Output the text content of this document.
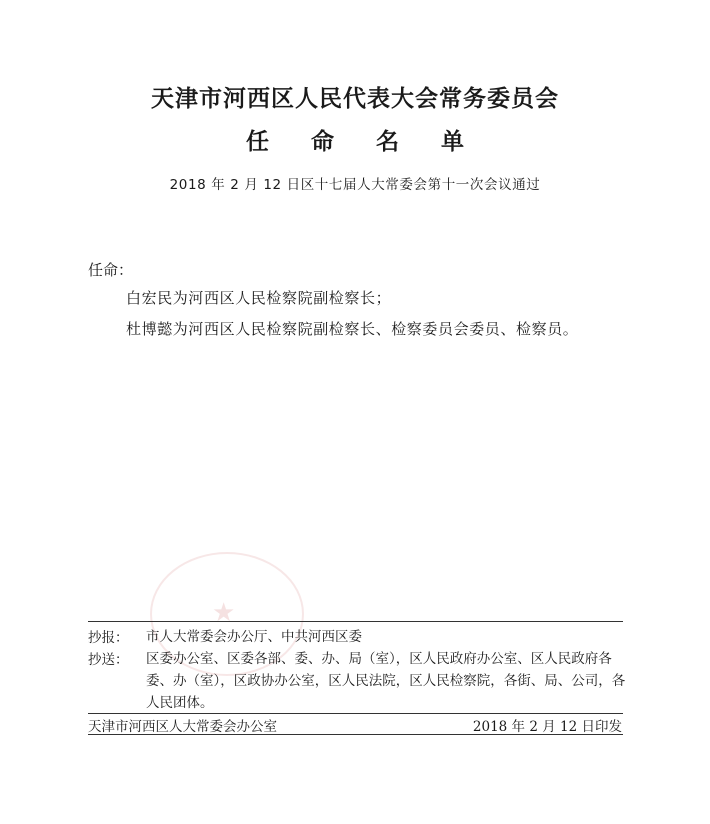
天津市河西区人民代表大会常务委员会
任命名单
2018 年 2 月 12 日区十七届人大常委会第十一次会议通过
任命：
白宏民为河西区人民检察院副检察长；
杜博懿为河西区人民检察院副检察长、检察委员会委员、检察员。
★
抄报：	市人大常委会办公厅、中共河西区委
抄送：	区委办公室、区委各部、委、办、局（室），区人民政府办公室、区人民政府各委、办（室），区政协办公室，区人民法院，区人民检察院，各街、局、公司，各人民团体。
天津市河西区人大常委会办公室	2018 年 2 月 12 日印发
